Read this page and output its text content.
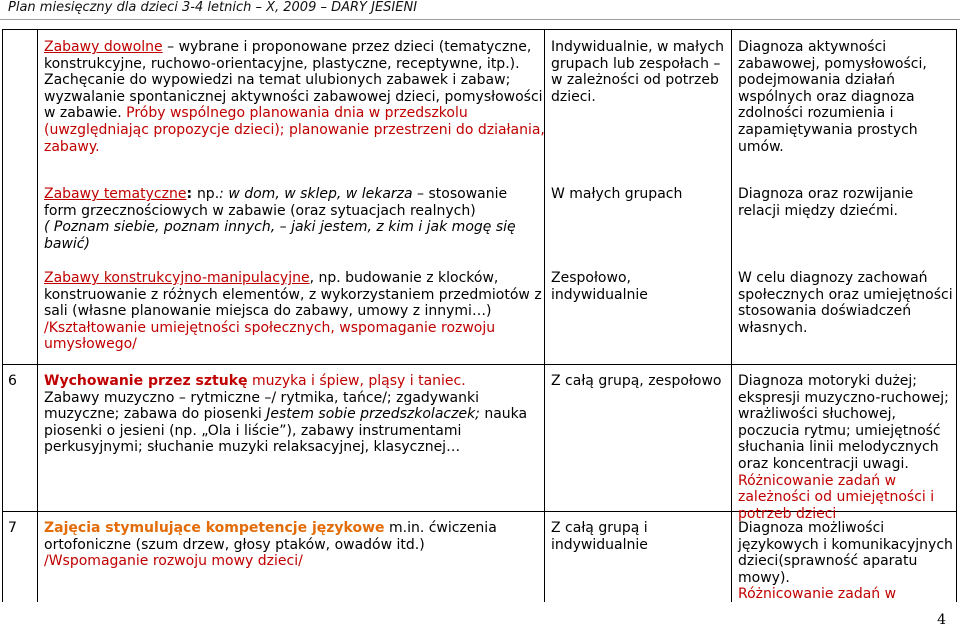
Plan miesięczny dla dzieci 3-4 letnich – X, 2009 – DARY JESIENI
Zabawy dowolne – wybrane i proponowane przez dzieci (tematyczne,
konstrukcyjne, ruchowo-orientacyjne, plastyczne, receptywne, itp.).
Zachęcanie do wypowiedzi na temat ulubionych zabawek i zabaw;
wyzwalanie spontanicznej aktywności zabawowej dzieci, pomysłowości
w zabawie. Próby wspólnego planowania dnia w przedszkolu
(uwzględniając propozycje dzieci); planowanie przestrzeni do działania,
zabawy.
Indywidualnie, w małych
grupach lub zespołach –
w zależności od potrzeb
dzieci.
Diagnoza aktywności
zabawowej, pomysłowości,
podejmowania działań
wspólnych oraz diagnoza
zdolności rozumienia i
zapamiętywania prostych
umów.
Zabawy tematyczne: np.: w dom, w sklep, w lekarza – stosowanie
form grzecznościowych w zabawie (oraz sytuacjach realnych)
( Poznam siebie, poznam innych, – jaki jestem, z kim i jak mogę się
bawić)
W małych grupach	Diagnoza oraz rozwijanie
relacji między dziećmi.
Zabawy konstrukcyjno-manipulacyjne, np. budowanie z klocków,
konstruowanie z różnych elementów, z wykorzystaniem przedmiotów z
sali (własne planowanie miejsca do zabawy, umowy z innymi…)
/Kształtowanie umiejętności społecznych, wspomaganie rozwoju
umysłowego/
Zespołowo,
indywidualnie
W celu diagnozy zachowań
społecznych oraz umiejętności
stosowania doświadczeń
własnych.
6 Wychowanie przez sztukę muzyka i śpiew, pląsy i taniec.
Zabawy muzyczno – rytmiczne –/ rytmika, tańce/; zgadywanki
muzyczne; zabawa do piosenki Jestem sobie przedszkolaczek; nauka
piosenki o jesieni (np. „Ola i liście”), zabawy instrumentami
perkusyjnymi; słuchanie muzyki relaksacyjnej, klasycznej…
Z całą grupą, zespołowo Diagnoza motoryki dużej;
ekspresji muzyczno-ruchowej;
wrażliwości słuchowej,
poczucia rytmu; umiejętność
słuchania linii melodycznych
oraz koncentracji uwagi.
Różnicowanie zadań w
zależności od umiejętności i
potrzeb dzieci
7 Zajęcia stymulujące kompetencje językowe m.in. ćwiczenia
ortofoniczne (szum drzew, głosy ptaków, owadów itd.)
/Wspomaganie rozwoju mowy dzieci/
Z całą grupą i
indywidualnie
Diagnoza możliwości
językowych i komunikacyjnych
dzieci(sprawność aparatu
mowy).
Różnicowanie zadań w
4
